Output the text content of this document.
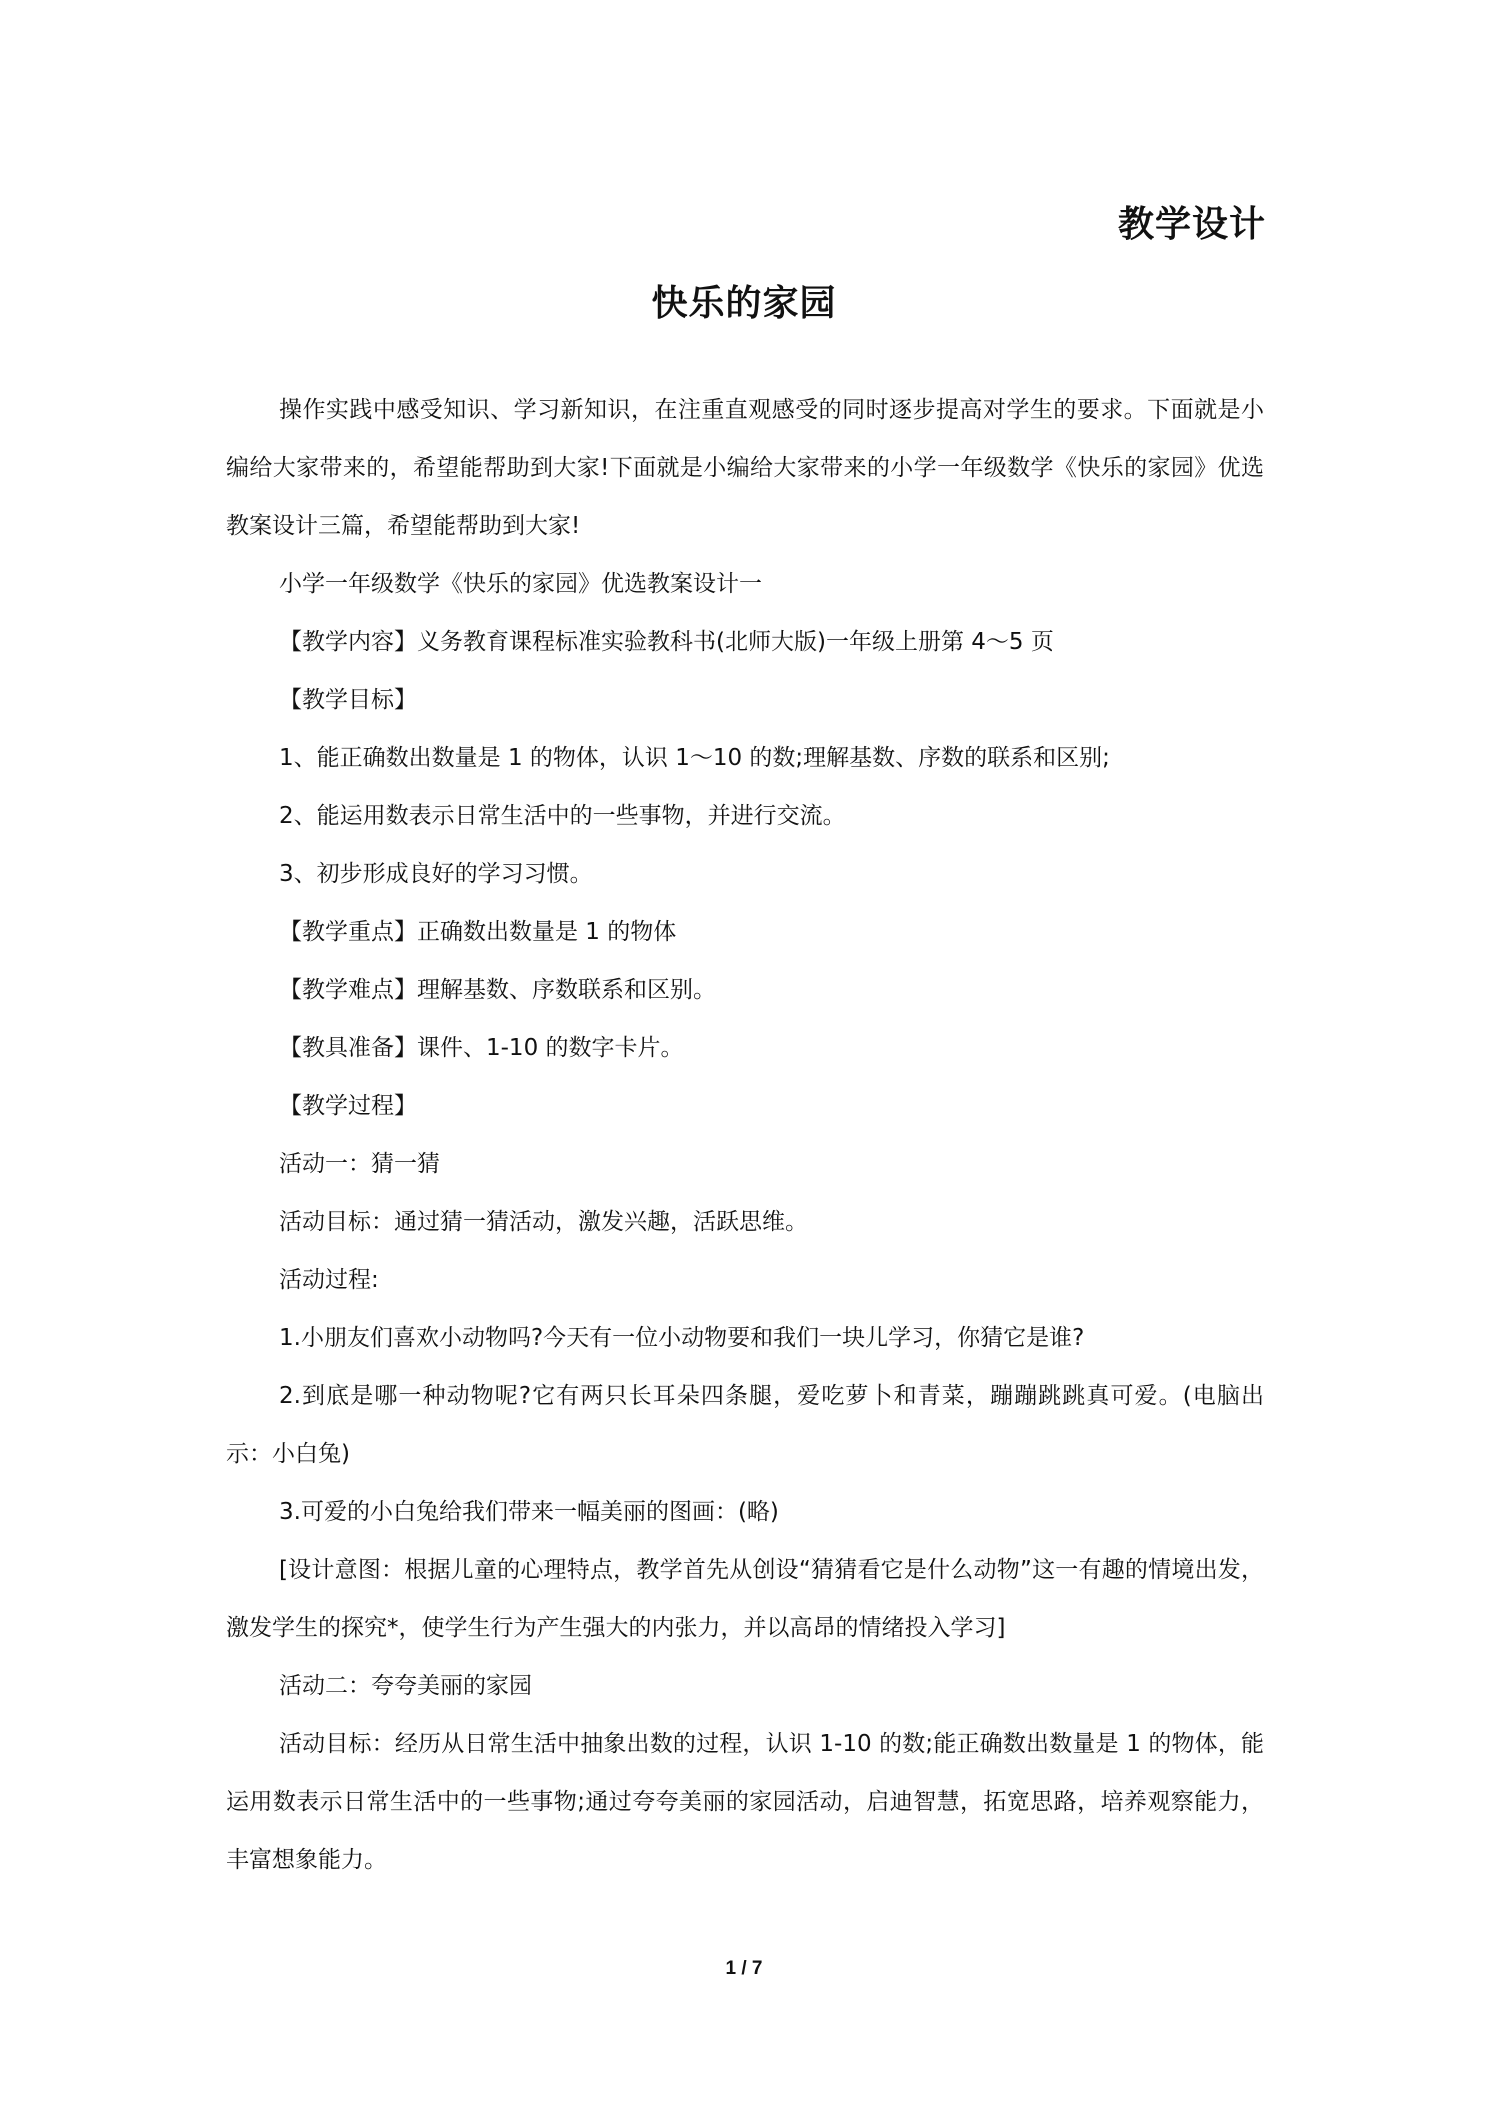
教学设计
快乐的家园

操作实践中感受知识、学习新知识，在注重直观感受的同时逐步提高对学生的要求。下面就是小编给大家带来的，希望能帮助到大家!下面就是小编给大家带来的小学一年级数学《快乐的家园》优选教案设计三篇，希望能帮助到大家!

小学一年级数学《快乐的家园》优选教案设计一

【教学内容】义务教育课程标准实验教科书(北师大版)一年级上册第 4～5 页

【教学目标】

1、能正确数出数量是 1 的物体，认识 1～10 的数;理解基数、序数的联系和区别;

2、能运用数表示日常生活中的一些事物，并进行交流。

3、初步形成良好的学习习惯。

【教学重点】正确数出数量是 1 的物体

【教学难点】理解基数、序数联系和区别。

【教具准备】课件、1-10 的数字卡片。

【教学过程】

活动一：猜一猜

活动目标：通过猜一猜活动，激发兴趣，活跃思维。

活动过程:

1.小朋友们喜欢小动物吗?今天有一位小动物要和我们一块儿学习，你猜它是谁?

2.到底是哪一种动物呢?它有两只长耳朵四条腿，爱吃萝卜和青菜，蹦蹦跳跳真可爱。(电脑出示：小白兔)

3.可爱的小白兔给我们带来一幅美丽的图画：(略)

[设计意图：根据儿童的心理特点，教学首先从创设“猜猜看它是什么动物”这一有趣的情境出发，激发学生的探究*，使学生行为产生强大的内张力，并以高昂的情绪投入学习]

活动二：夸夸美丽的家园

活动目标：经历从日常生活中抽象出数的过程，认识 1-10 的数;能正确数出数量是 1 的物体，能运用数表示日常生活中的一些事物;通过夸夸美丽的家园活动，启迪智慧，拓宽思路，培养观察能力，丰富想象能力。

1 / 7
